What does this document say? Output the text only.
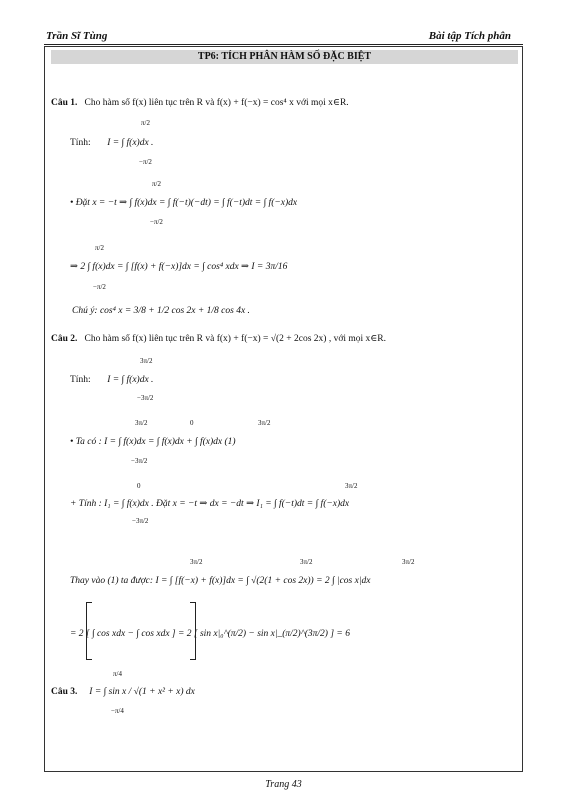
Trần Sĩ Tùng	Bài tập Tích phân
TP6: TÍCH PHÂN HÀM SỐ ĐẶC BIỆT
Câu 1. Cho hàm số f(x) liên tục trên R và f(x) + f(−x) = cos⁴ x với mọi x∈R.
π/2
Tính: I = ∫ f(x)dx .
−π/2
• Đặt x = −t ⇒ ∫ f(x)dx = ∫ f(−t)(−dt) = ∫ f(−t)dt = ∫ f(−x)dx
π/2
−π/2
⇒ 2 ∫ f(x)dx = ∫ [f(x) + f(−x)]dx = ∫ cos⁴ xdx ⇒ I = 3π/16
π/2
−π/2
Chú ý: cos⁴ x = 3/8 + 1/2 cos 2x + 1/8 cos 4x .
Câu 2. Cho hàm số f(x) liên tục trên R và f(x) + f(−x) = √(2 + 2cos 2x) , với mọi x∈R.
3π/2
Tính: I = ∫ f(x)dx .
−3π/2
• Ta có : I = ∫ f(x)dx = ∫ f(x)dx + ∫ f(x)dx (1)
3π/2
−3π/2
0	3π/2
+ Tính : I₁ = ∫ f(x)dx . Đặt x = −t ⇒ dx = −dt ⇒ I₁ = ∫ f(−t)dt = ∫ f(−x)dx
0
−3π/2
3π/2
Thay vào (1) ta được: I = ∫ [f(−x) + f(x)]dx = ∫ √(2(1 + cos 2x)) = 2 ∫ |cos x|dx
3π/2	3π/2	3π/2
= 2 [ ∫ cos xdx − ∫ cos xdx ] = 2 [ sin x|₀^(π/2) − sin x|_(π/2)^(3π/2) ] = 6
π/4
Câu 3. I = ∫ sin x / √(1 + x² + x) dx
−π/4
Trang 43
